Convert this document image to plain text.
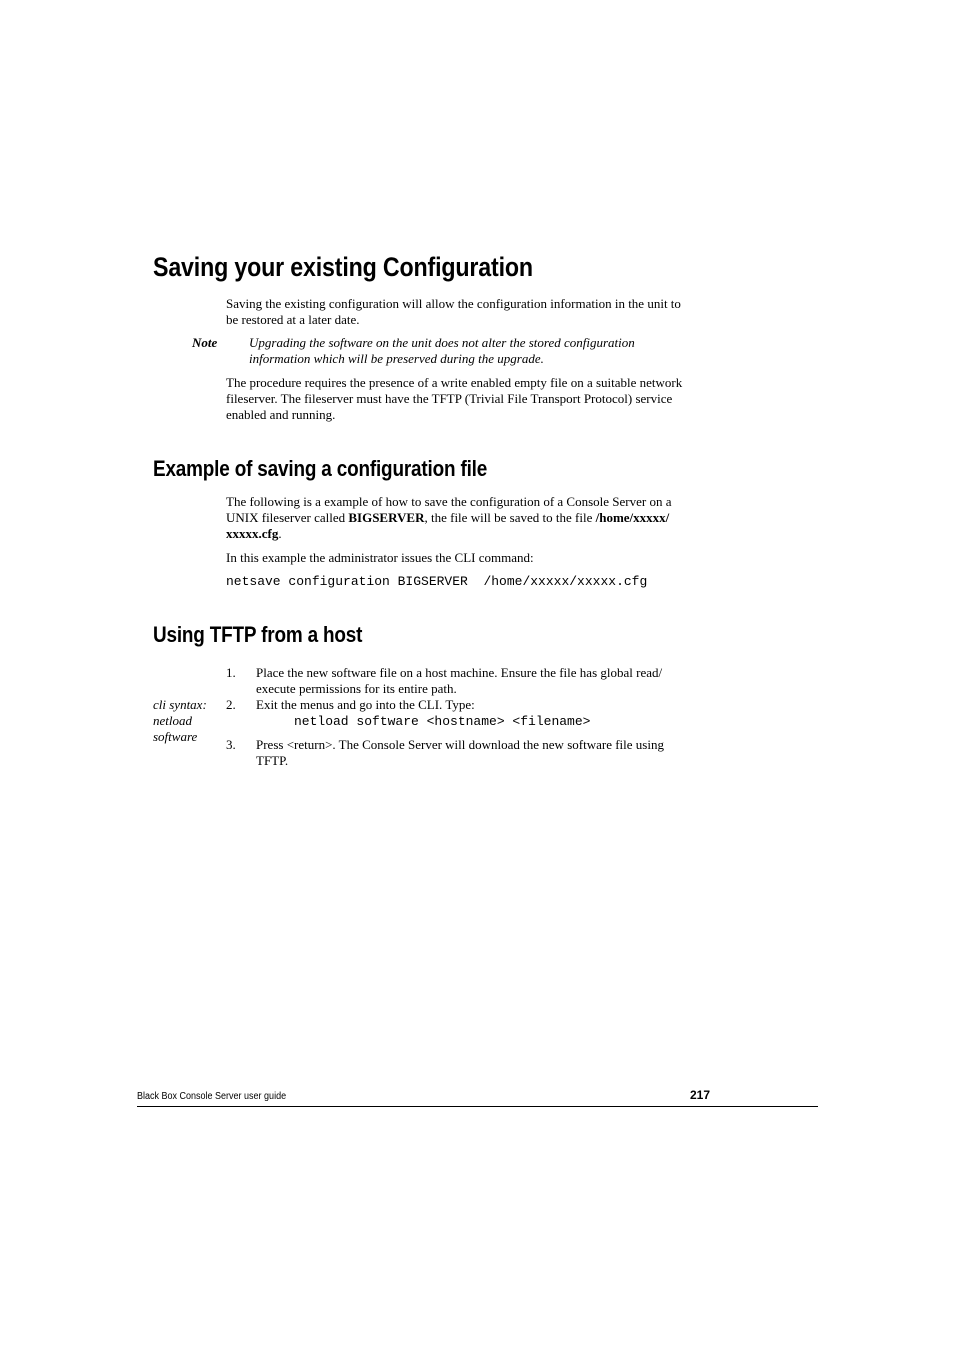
Saving your existing Configuration
Saving the existing configuration will allow the configuration information in the unit to
be restored at a later date.
Note Upgrading the software on the unit does not alter the stored configuration
information which will be preserved during the upgrade.
The procedure requires the presence of a write enabled empty file on a suitable network
fileserver. The fileserver must have the TFTP (Trivial File Transport Protocol) service
enabled and running.
Example of saving a configuration file
The following is a example of how to save the configuration of a Console Server on a
UNIX fileserver called BIGSERVER, the file will be saved to the file /home/xxxxx/
xxxxx.cfg.
In this example the administrator issues the CLI command:
netsave configuration BIGSERVER  /home/xxxxx/xxxxx.cfg
Using TFTP from a host
cli syntax:
netload
software
1. Place the new software file on a host machine. Ensure the file has global read/
execute permissions for its entire path.
2. Exit the menus and go into the CLI. Type:
netload software <hostname> <filename>
3. Press <return>. The Console Server will download the new software file using
TFTP.
Black Box Console Server user guide	217
